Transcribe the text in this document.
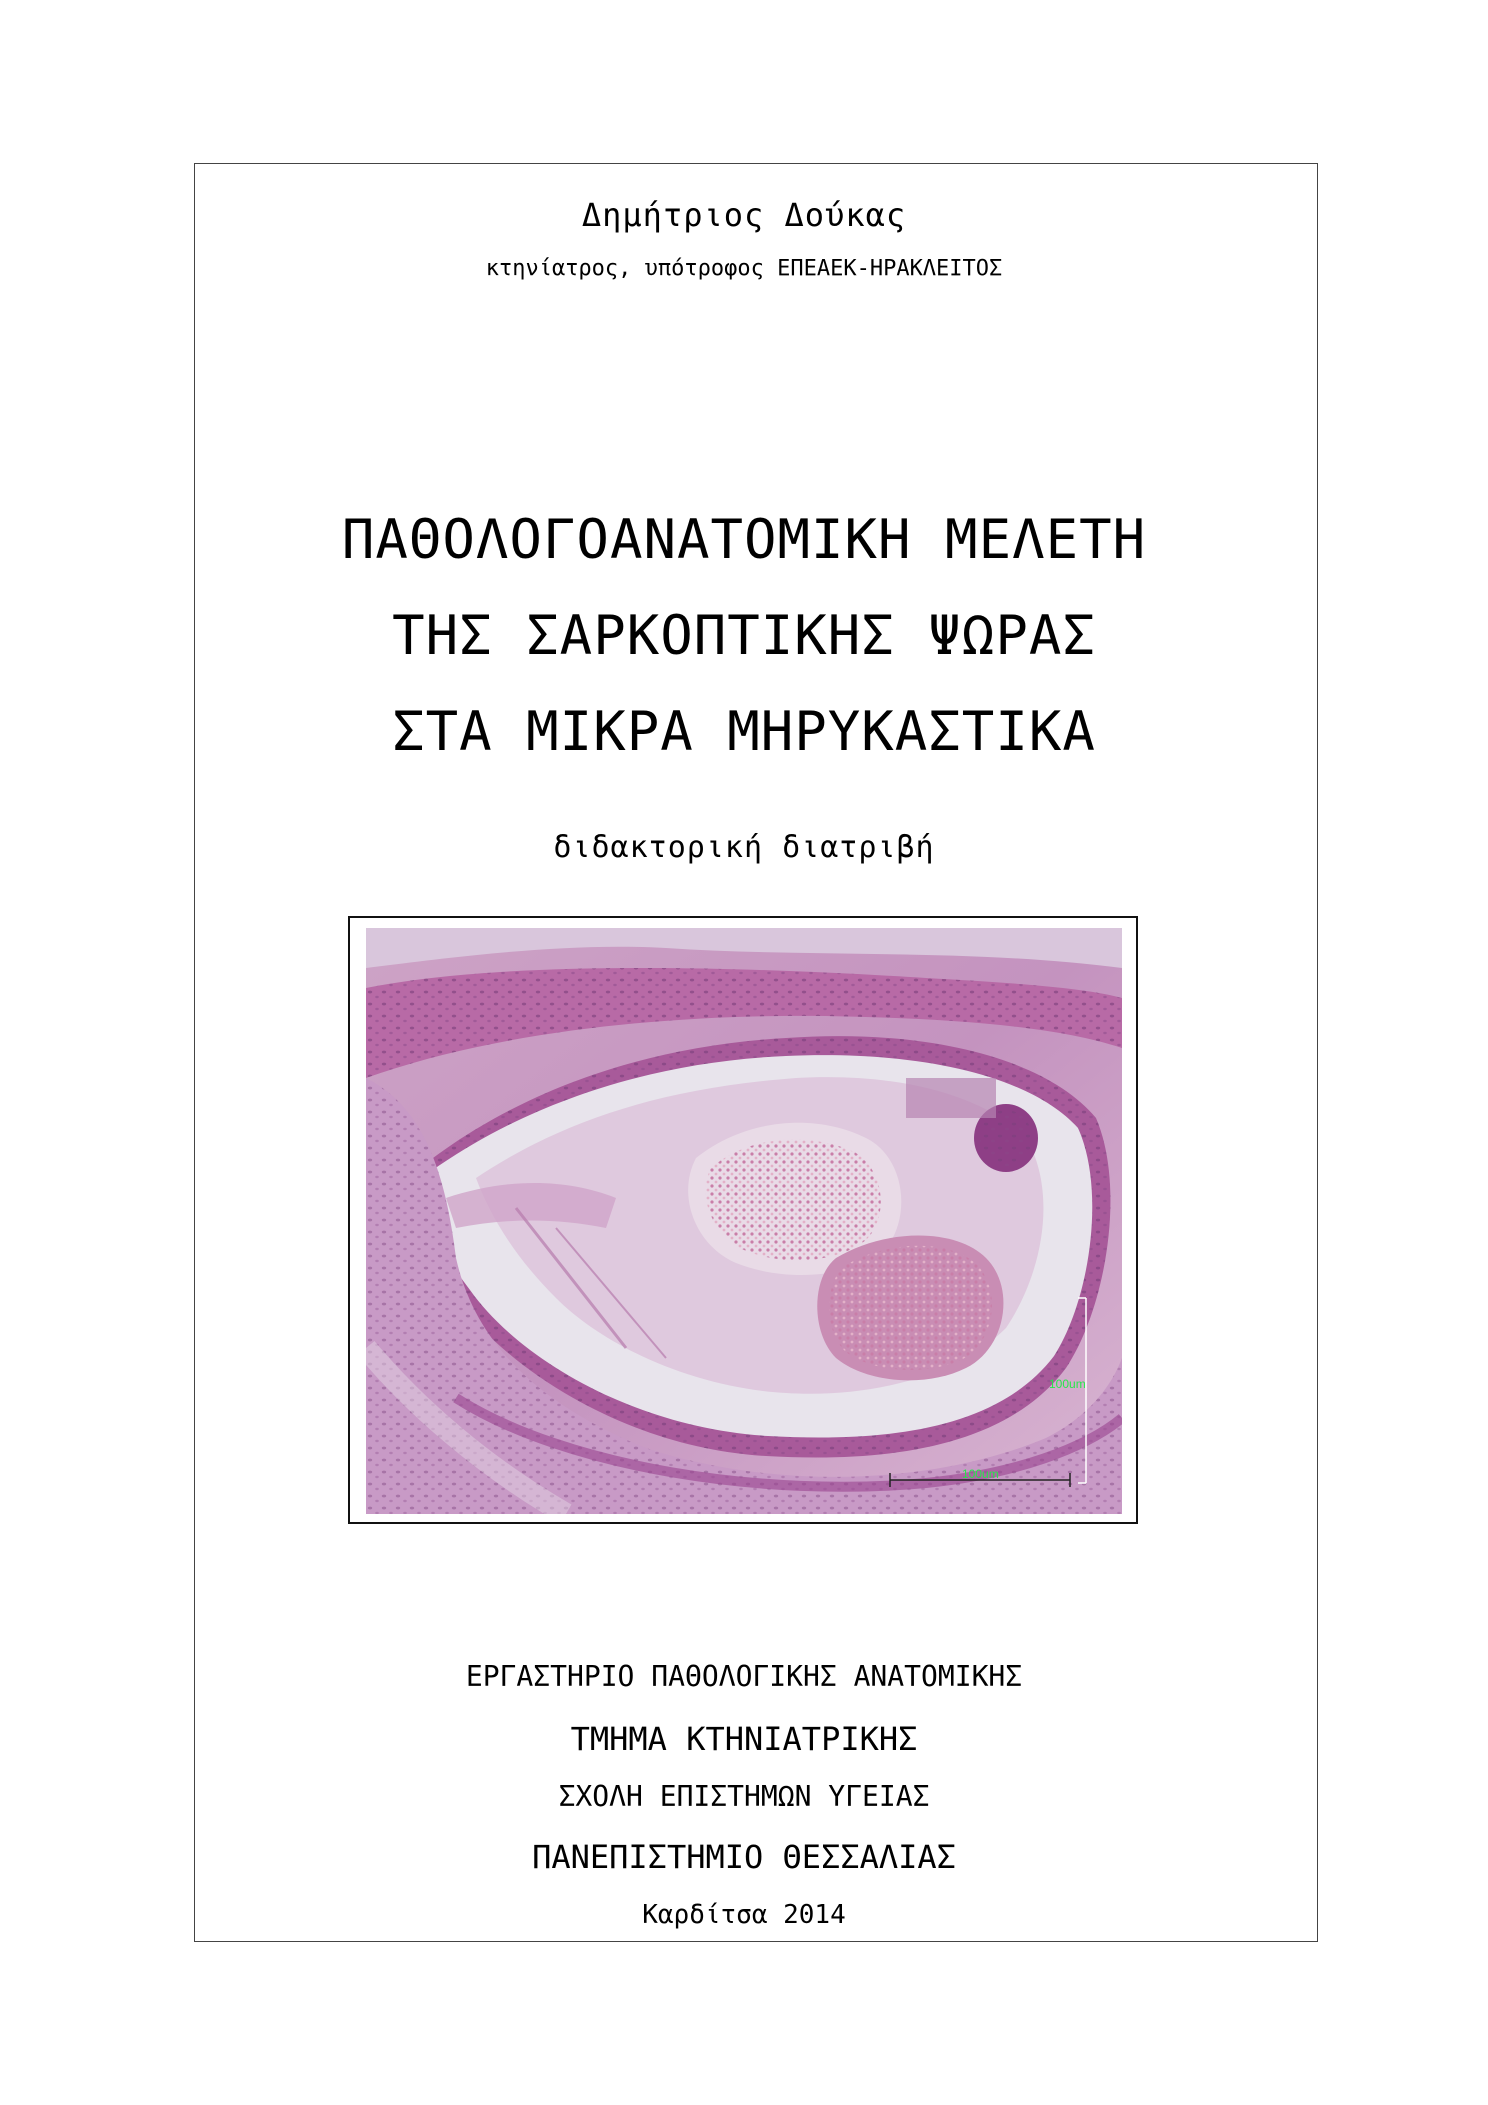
Δημήτριος Δούκας
κτηνίατρος, υπότροφος ΕΠΕΑΕΚ-ΗΡΑΚΛΕΙΤΟΣ
ΠΑΘΟΛΟΓΟΑΝΑΤΟΜΙΚΗ ΜΕΛΕΤΗ
ΤΗΣ ΣΑΡΚΟΠΤΙΚΗΣ ΨΩΡΑΣ
ΣΤΑ ΜΙΚΡΑ ΜΗΡΥΚΑΣΤΙΚΑ
διδακτορική διατριβή
100um
100um
ΕΡΓΑΣΤΗΡΙΟ ΠΑΘΟΛΟΓΙΚΗΣ ΑΝΑΤΟΜΙΚΗΣ
ΤΜΗΜΑ ΚΤΗΝΙΑΤΡΙΚΗΣ
ΣΧΟΛΗ ΕΠΙΣΤΗΜΩΝ ΥΓΕΙΑΣ
ΠΑΝΕΠΙΣΤΗΜΙΟ ΘΕΣΣΑΛΙΑΣ
Καρδίτσα 2014
